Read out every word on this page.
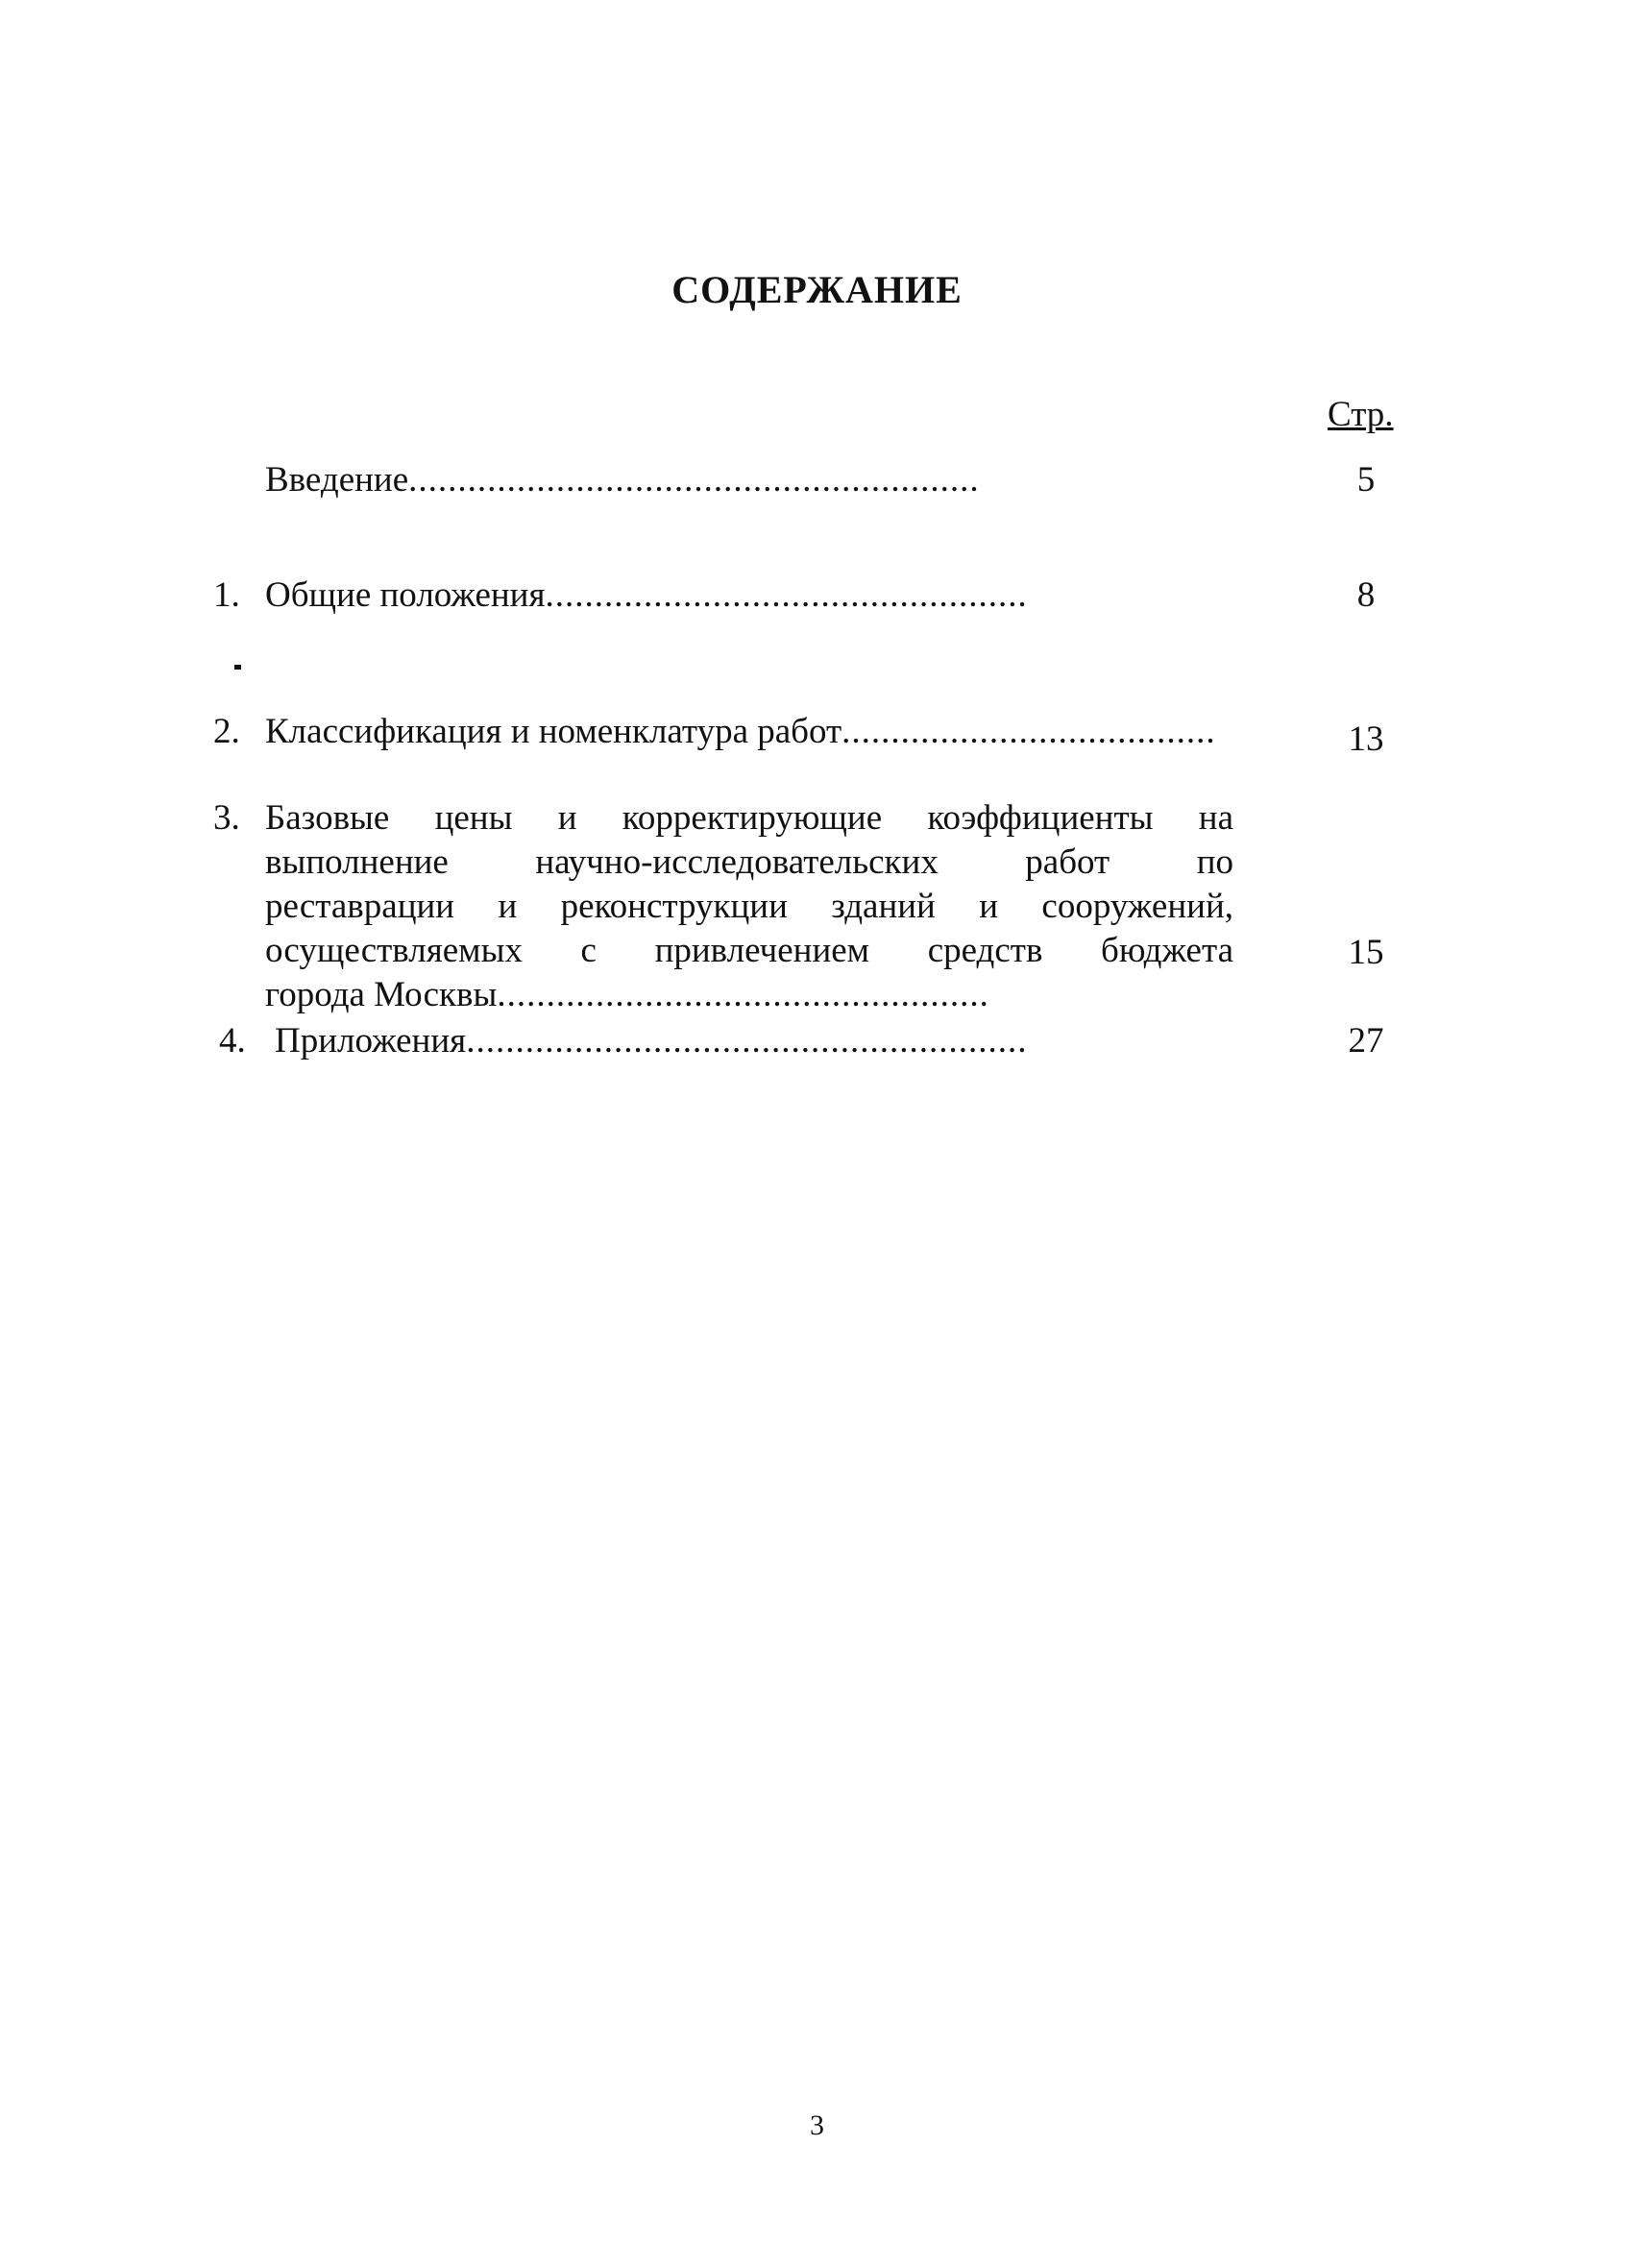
СОДЕРЖАНИЕ
Стр.
Введение..........................................................	5
1. Общие положения.................................................	8
2. Классификация и номенклатура работ......................................	13
3. Базовые цены и корректирующие коэффициенты на
выполнение научно-исследовательских работ по
реставрации и реконструкции зданий и сооружений,
осуществляемых с привлечением средств бюджета
города Москвы..................................................
15
4. Приложения.........................................................	27
3
